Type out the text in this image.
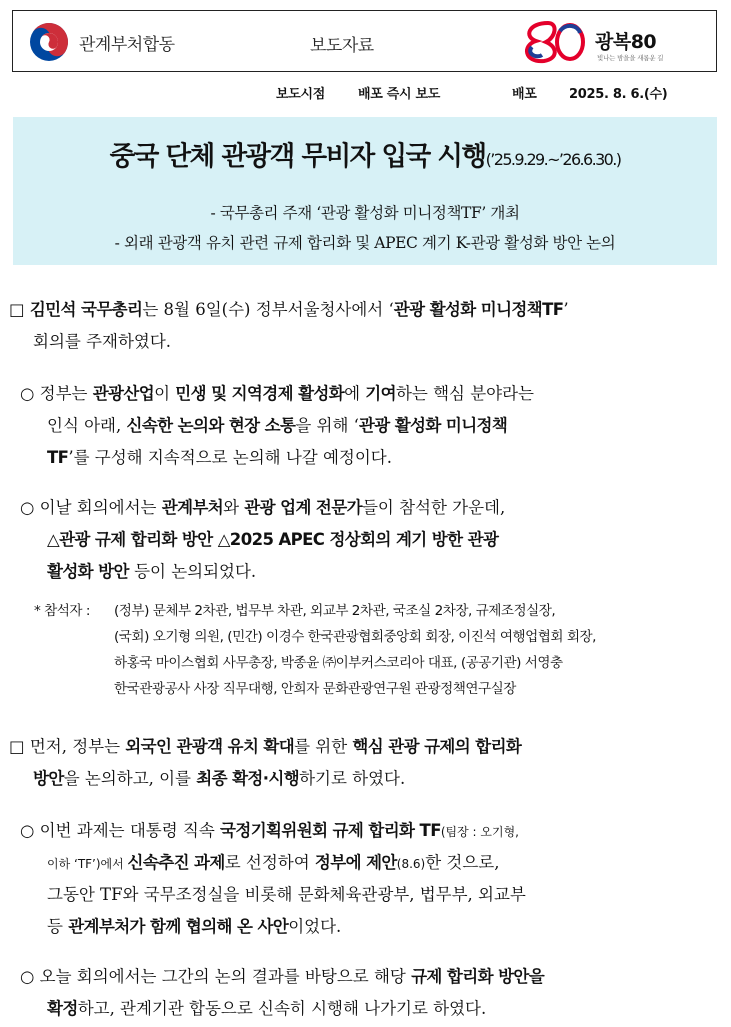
관계부처합동	보도자료	광복80
빛나는 밤을을 새롭운 길
보도시점	배포 즉시 보도	배포 2025. 8. 6.(수)
중국 단체 관광객 무비자 입국 시행(’25.9.29.~’26.6.30.)
- 국무총리 주재 ‘관광 활성화 미니정책TF’ 개최
- 외래 관광객 유치 관련 규제 합리화 및 APEC 계기 K-관광 활성화 방안 논의
□ 김민석 국무총리는 8월 6일(수) 정부서울청사에서 ‘관광 활성화 미니정책TF’
회의를 주재하였다.
○ 정부는 관광산업이 민생 및 지역경제 활성화에 기여하는 핵심 분야라는
인식 아래, 신속한 논의와 현장 소통을 위해 ‘관광 활성화 미니정책
TF’를 구성해 지속적으로 논의해 나갈 예정이다.
○ 이날 회의에서는 관계부처와 관광 업계 전문가들이 참석한 가운데,
△관광 규제 합리화 방안 △2025 APEC 정상회의 계기 방한 관광
활성화 방안 등이 논의되었다.
* 참석자 : (정부) 문체부 2차관, 법무부 차관, 외교부 2차관, 국조실 2차장, 규제조정실장,
(국회) 오기형 의원, (민간) 이경수 한국관광협회중앙회 회장, 이진석 여행업협회 회장,
하홍국 마이스협회 사무총장, 박종윤 ㈜이부커스코리아 대표, (공공기관) 서영충
한국관광공사 사장 직무대행, 안희자 문화관광연구원 관광정책연구실장
□ 먼저, 정부는 외국인 관광객 유치 확대를 위한 핵심 관광 규제의 합리화
방안을 논의하고, 이를 최종 확정·시행하기로 하였다.
○ 이번 과제는 대통령 직속 국정기획위원회 규제 합리화 TF(팀장 : 오기형,
이하 ‘TF’)에서 신속추진 과제로 선정하여 정부에 제안(8.6)한 것으로,
그동안 TF와 국무조정실을 비롯해 문화체육관광부, 법무부, 외교부
등 관계부처가 함께 협의해 온 사안이었다.
○ 오늘 회의에서는 그간의 논의 결과를 바탕으로 해당 규제 합리화 방안을
확정하고, 관계기관 합동으로 신속히 시행해 나가기로 하였다.
